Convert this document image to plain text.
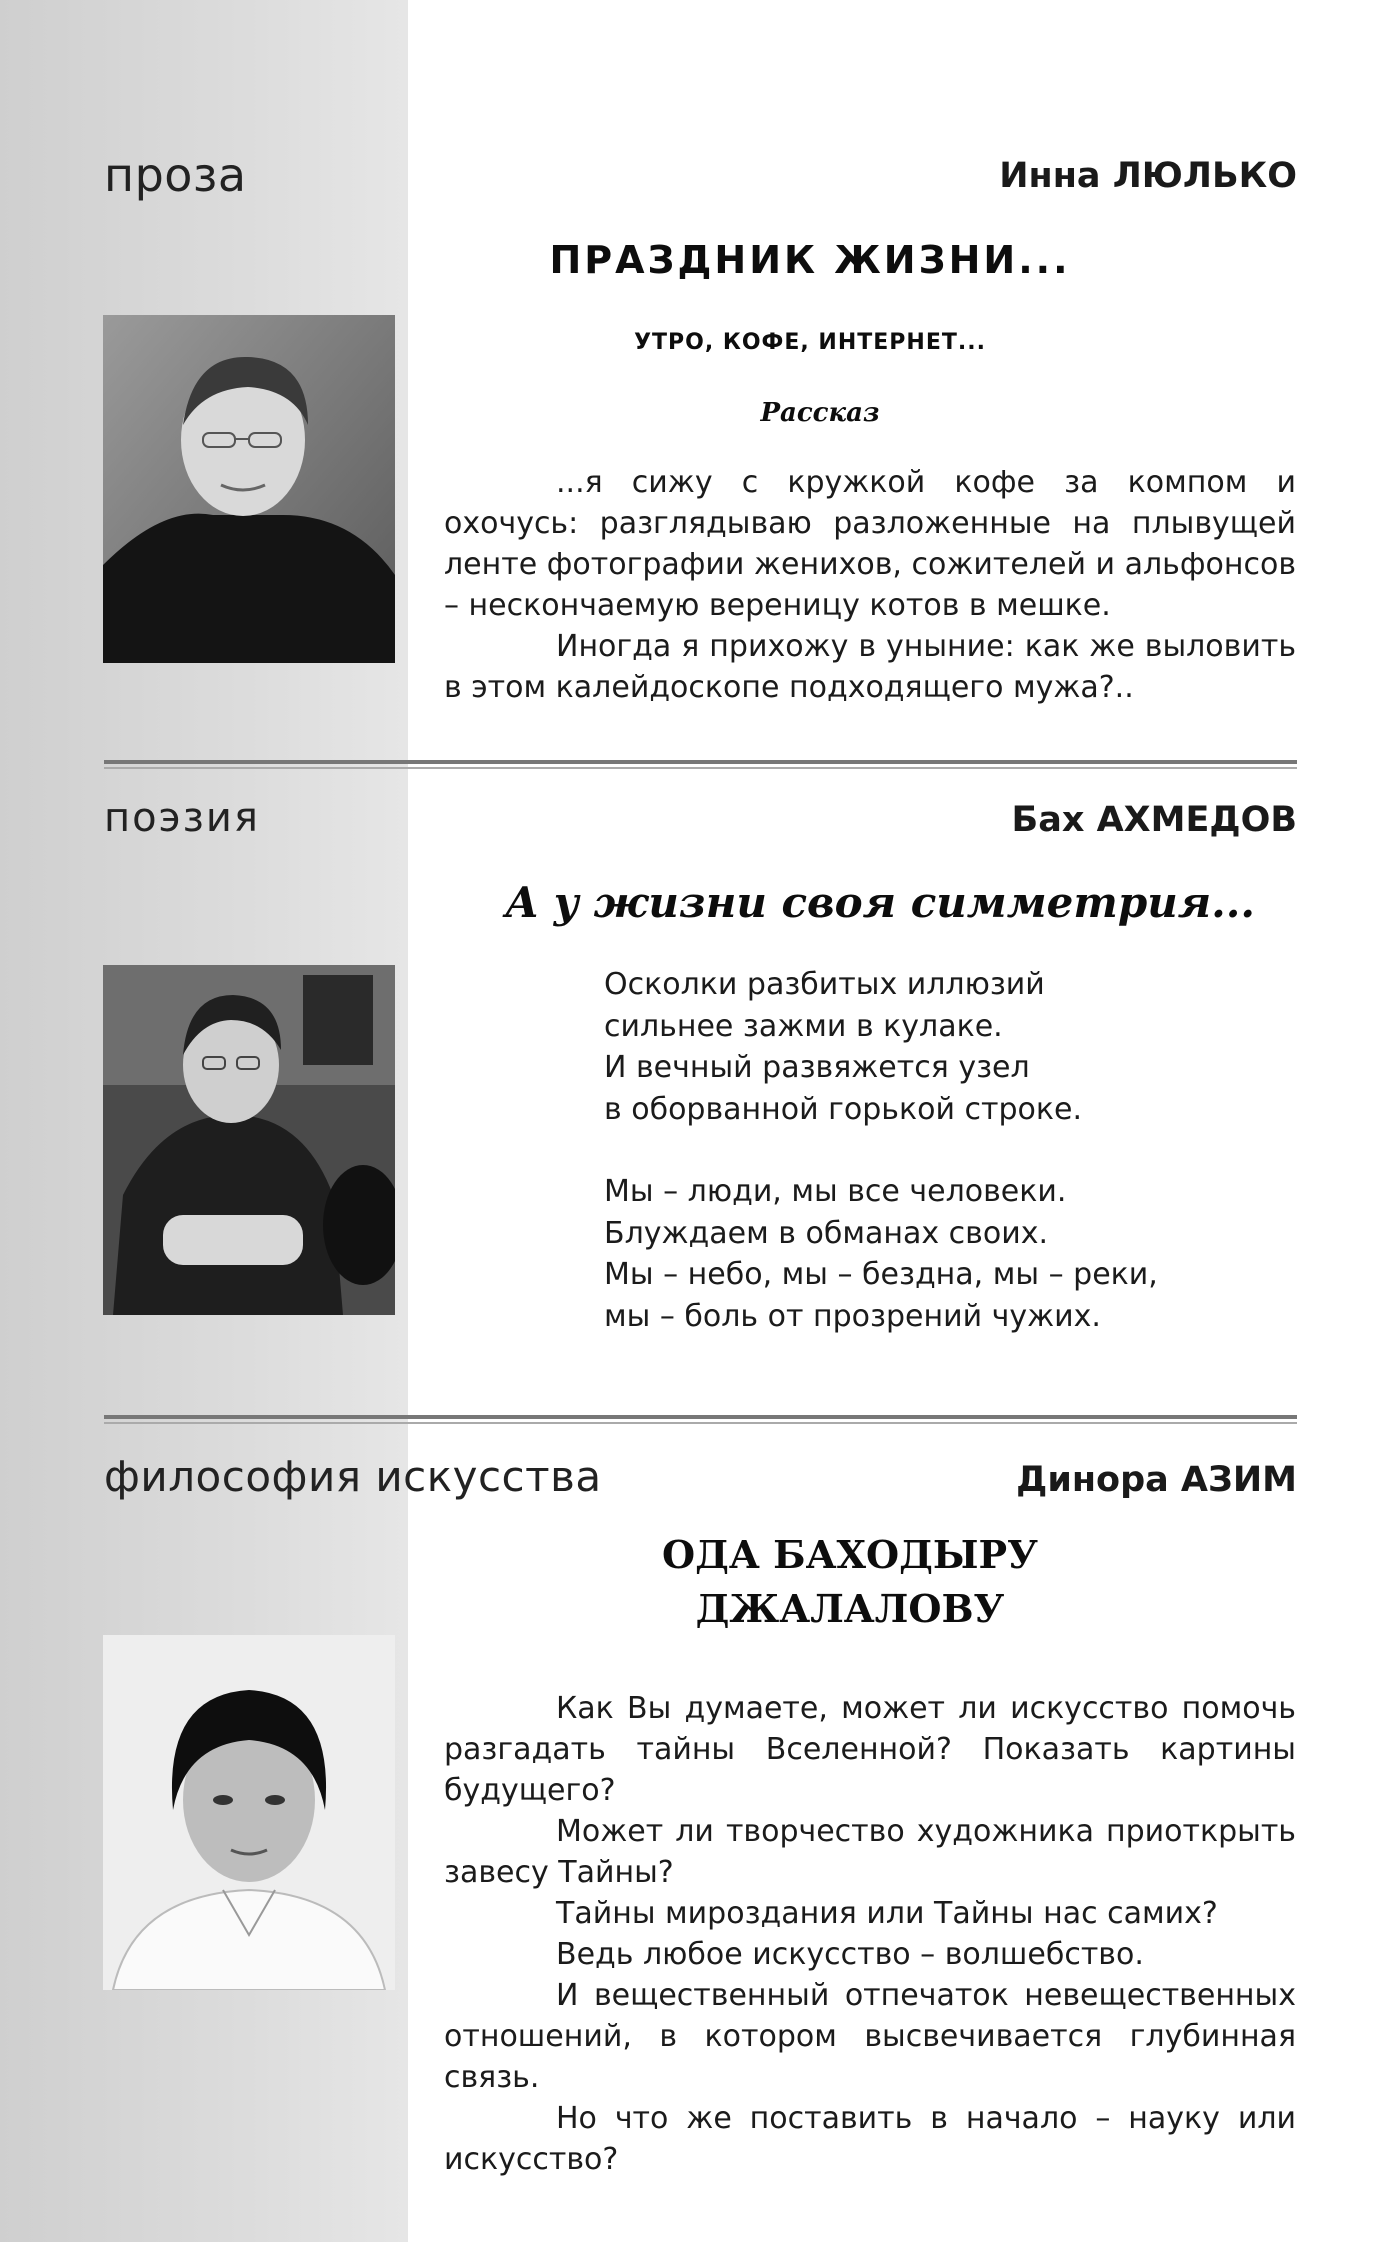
проза	Инна ЛЮЛЬКО
ПРАЗДНИК ЖИЗНИ...
УТРО, КОФЕ, ИНТЕРНЕТ...
Рассказ

...я сижу с кружкой кофе за компом и охочусь: разглядываю разложенные на плывущей ленте фотографии женихов, сожителей и альфонсов – нескончаемую вереницу котов в мешке.

Иногда я прихожу в уныние: как же выловить в этом калейдоскопе подходящего мужа?..

поэзия	Бах АХМЕДОВ
А у жизни своя симметрия...

Осколки разбитых иллюзий

сильнее зажми в кулаке.

И вечный развяжется узел

в оборванной горькой строке.

Мы – люди, мы все человеки.

Блуждаем в обманах своих.

Мы – небо, мы – бездна, мы – реки,

мы – боль от прозрений чужих.

философия искусства	Динора АЗИМ
ОДА БАХОДЫРУ
ДЖАЛАЛОВУ

Как Вы думаете, может ли искусство помочь разгадать тайны Вселенной? Показать картины будущего?

Может ли творчество художника приоткрыть завесу Тайны?

Тайны мироздания или Тайны нас самих?

Ведь любое искусство – волшебство.

И вещественный отпечаток невещественных отношений, в котором высвечивается глубинная связь.

Но что же поставить в начало – науку или искусство?
